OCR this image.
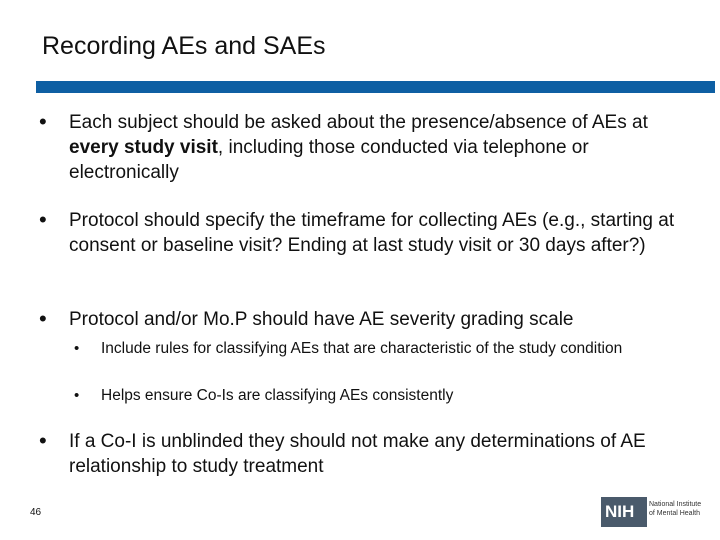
Recording AEs and SAEs
• Each subject should be asked about the presence/absence of AEs at every study visit, including those conducted via telephone or electronically
• Protocol should specify the timeframe for collecting AEs (e.g., starting at consent or baseline visit? Ending at last study visit or 30 days after?)
• Protocol and/or Mo.P should have AE severity grading scale
• Include rules for classifying AEs that are characteristic of the study condition
• Helps ensure Co-Is are classifying AEs consistently
• If a Co-I is unblinded they should not make any determinations of AE relationship to study treatment
46	NIH	National Institute
of Mental Health
